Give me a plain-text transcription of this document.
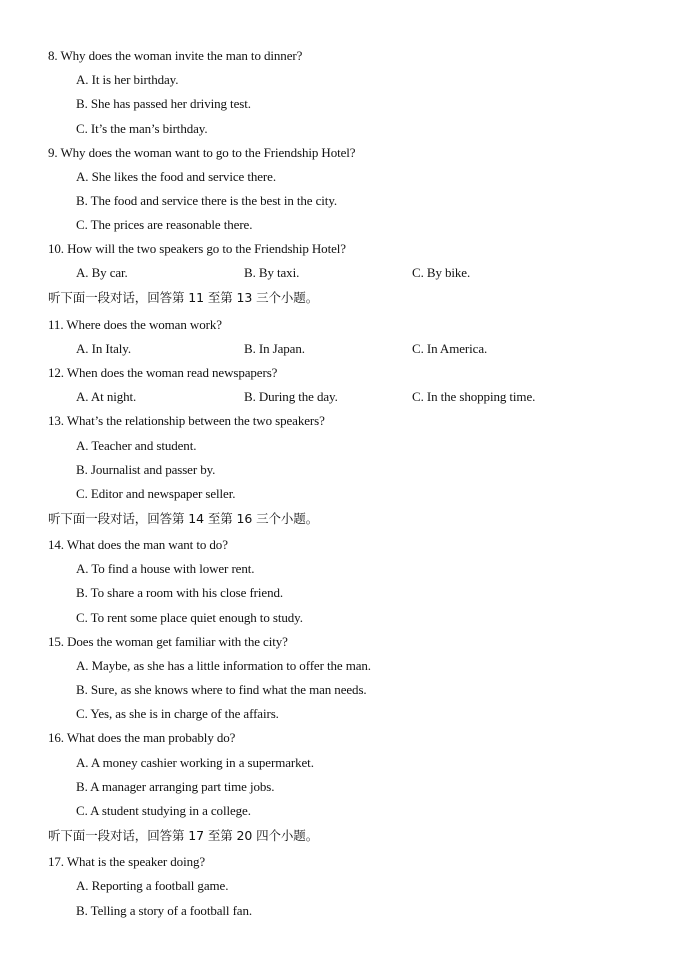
8. Why does the woman invite the man to dinner?
A. It is her birthday.
B. She has passed her driving test.
C. It’s the man’s birthday.
9. Why does the woman want to go to the Friendship Hotel?
A. She likes the food and service there.
B. The food and service there is the best in the city.
C. The prices are reasonable there.
10. How will the two speakers go to the Friendship Hotel?
A. By car.	B. By taxi.	C. By bike.
听下面一段对话，回答第 11 至第 13 三个小题。
11. Where does the woman work?
A. In Italy.	B. In Japan.	C. In America.
12. When does the woman read newspapers?
A. At night.	B. During the day.	C. In the shopping time.
13. What’s the relationship between the two speakers?
A. Teacher and student.
B. Journalist and passer by.
C. Editor and newspaper seller.
听下面一段对话，回答第 14 至第 16 三个小题。
14. What does the man want to do?
A. To find a house with lower rent.
B. To share a room with his close friend.
C. To rent some place quiet enough to study.
15. Does the woman get familiar with the city?
A. Maybe, as she has a little information to offer the man.
B. Sure, as she knows where to find what the man needs.
C. Yes, as she is in charge of the affairs.
16. What does the man probably do?
A. A money cashier working in a supermarket.
B. A manager arranging part time jobs.
C. A student studying in a college.
听下面一段对话，回答第 17 至第 20 四个小题。
17. What is the speaker doing?
A. Reporting a football game.
B. Telling a story of a football fan.
